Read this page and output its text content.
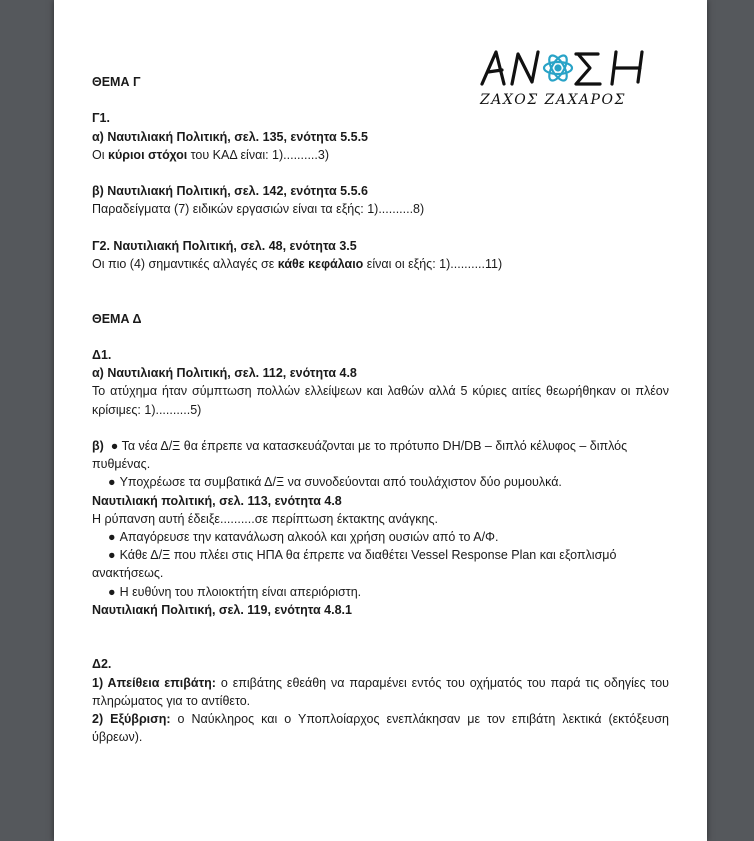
ΖΑΧΟΣ ΖΑΧΑΡΟΣ

ΘΕΜΑ Γ

Γ1.

α) Ναυτιλιακή Πολιτική, σελ. 135, ενότητα 5.5.5

Οι κύριοι στόχοι του ΚΑΔ είναι: 1)..........3)

β) Ναυτιλιακή Πολιτική, σελ. 142, ενότητα 5.5.6

Παραδείγματα (7) ειδικών εργασιών είναι τα εξής: 1)..........8)

Γ2. Ναυτιλιακή Πολιτική, σελ. 48, ενότητα 3.5

Οι πιο (4) σημαντικές αλλαγές σε κάθε κεφάλαιο είναι οι εξής: 1)..........11)

ΘΕΜΑ Δ

Δ1.

α) Ναυτιλιακή Πολιτική, σελ. 112, ενότητα 4.8

Το ατύχημα ήταν σύμπτωση πολλών ελλείψεων και λαθών αλλά 5 κύριες αιτίες θεωρήθηκαν οι πλέον κρίσιμες: 1)..........5)

β) ● Τα νέα Δ/Ξ θα έπρεπε να κατασκευάζονται με το πρότυπο DH/DB – διπλό κέλυφος – διπλός πυθμένας.

● Υποχρέωσε τα συμβατικά Δ/Ξ να συνοδεύονται από τουλάχιστον δύο ρυμουλκά.

Ναυτιλιακή πολιτική, σελ. 113, ενότητα 4.8

Η ρύπανση αυτή έδειξε..........σε περίπτωση έκτακτης ανάγκης.

● Απαγόρευσε την κατανάλωση αλκοόλ και χρήση ουσιών από το Α/Φ.

● Κάθε Δ/Ξ που πλέει στις ΗΠΑ θα έπρεπε να διαθέτει Vessel Response Plan και εξοπλισμό ανακτήσεως.

● Η ευθύνη του πλοιοκτήτη είναι απεριόριστη.

Ναυτιλιακή Πολιτική, σελ. 119, ενότητα 4.8.1

Δ2.

1) Απείθεια επιβάτη: ο επιβάτης εθεάθη να παραμένει εντός του οχήματός του παρά τις οδηγίες του πληρώματος για το αντίθετο.

2) Εξύβριση: ο Ναύκληρος και ο Υποπλοίαρχος ενεπλάκησαν με τον επιβάτη λεκτικά (εκτόξευση ύβρεων).
